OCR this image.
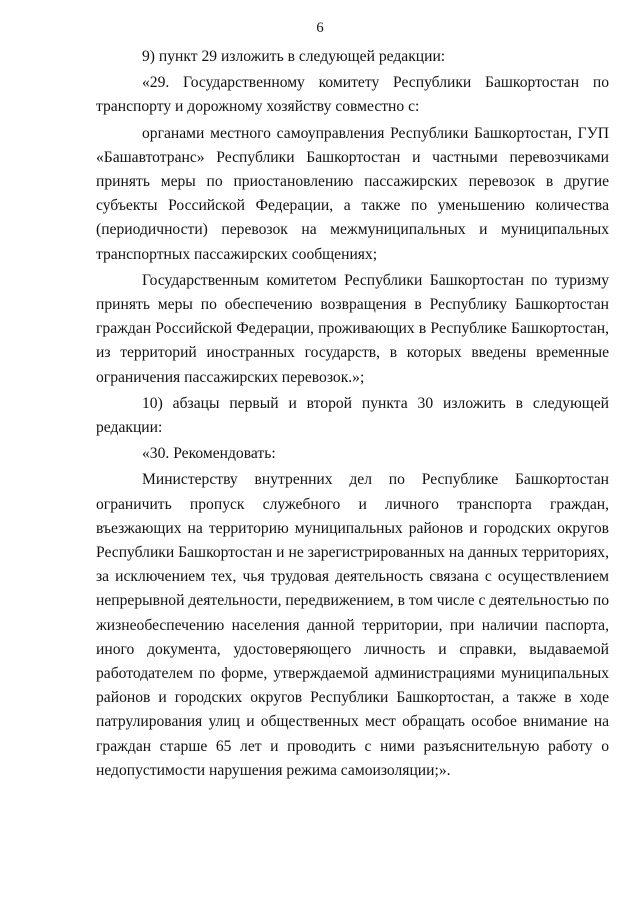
6

9) пункт 29 изложить в следующей редакции:

«29. Государственному комитету Республики Башкортостан по транспорту и дорожному хозяйству совместно с:

органами местного самоуправления Республики Башкортостан, ГУП «Башавтотранс» Республики Башкортостан и частными перевозчиками принять меры по приостановлению пассажирских перевозок в другие субъекты Российской Федерации, а также по уменьшению количества (периодичности) перевозок на межмуниципальных и муниципальных транспортных пассажирских сообщениях;

Государственным комитетом Республики Башкортостан по туризму принять меры по обеспечению возвращения в Республику Башкортостан граждан Российской Федерации, проживающих в Республике Башкортостан, из территорий иностранных государств, в которых введены временные ограничения пассажирских перевозок.»;

10) абзацы первый и второй пункта 30 изложить в следующей редакции:

«30. Рекомендовать:

Министерству внутренних дел по Республике Башкортостан ограничить пропуск служебного и личного транспорта граждан, въезжающих на территорию муниципальных районов и городских округов Республики Башкортостан и не зарегистрированных на данных территориях, за исключением тех, чья трудовая деятельность связана с осуществлением непрерывной деятельности, передвижением, в том числе с деятельностью по жизнеобеспечению населения данной территории, при наличии паспорта, иного документа, удостоверяющего личность и справки, выдаваемой работодателем по форме, утверждаемой администрациями муниципальных районов и городских округов Республики Башкортостан, а также в ходе патрулирования улиц и общественных мест обращать особое внимание на граждан старше 65 лет и проводить с ними разъяснительную работу о недопустимости нарушения режима самоизоляции;».
